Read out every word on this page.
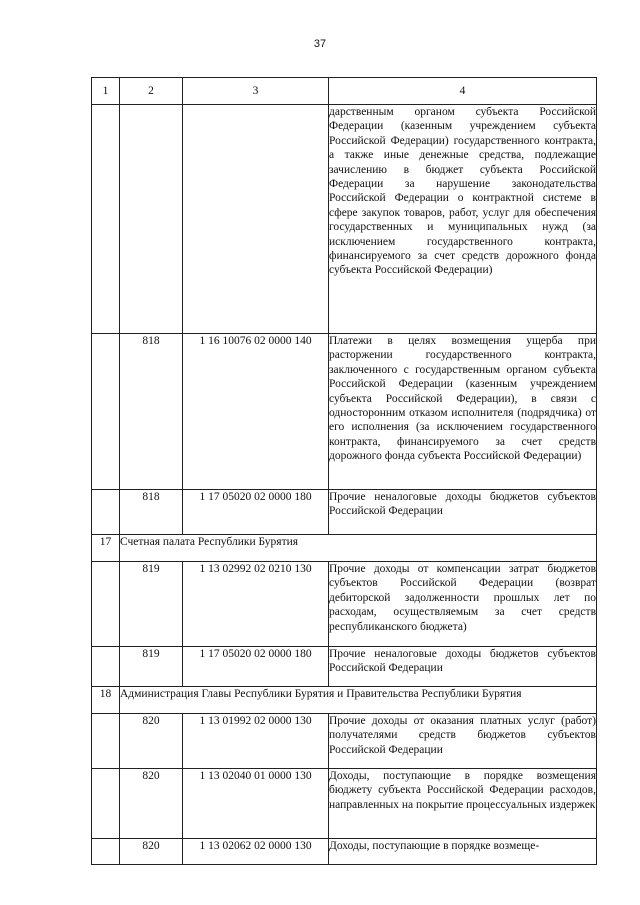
37
1	2	3	4
			дарственным органом субъекта Российской Федерации (казенным учреждением субъекта Российской Федерации) государственного контракта, а также иные денежные средства, подлежащие зачислению в бюджет субъекта Российской Федерации за нарушение законодательства Российской Федерации о контрактной системе в сфере закупок товаров, работ, услуг для обеспечения государственных и муниципальных нужд (за исключением государственного контракта, финансируемого за счет средств дорожного фонда субъекта Российской Федерации)
	818	1 16 10076 02 0000 140	Платежи в целях возмещения ущерба при расторжении государственного контракта, заключенного с государственным органом субъекта Российской Федерации (казенным учреждением субъекта Российской Федерации), в связи с односторонним отказом исполнителя (подрядчика) от его исполнения (за исключением государственного контракта, финансируемого за счет средств дорожного фонда субъекта Российской Федерации)
	818	1 17 05020 02 0000 180	Прочие неналоговые доходы бюджетов субъектов Российской Федерации
17	Счетная палата Республики Бурятия		
	819	1 13 02992 02 0210 130	Прочие доходы от компенсации затрат бюджетов субъектов Российской Федерации (возврат дебиторской задолженности прошлых лет по расходам, осуществляемым за счет средств республиканского бюджета)
	819	1 17 05020 02 0000 180	Прочие неналоговые доходы бюджетов субъектов Российской Федерации
18	Администрация Главы Республики Бурятия и Правительства Республики Бурятия		
	820	1 13 01992 02 0000 130	Прочие доходы от оказания платных услуг (работ) получателями средств бюджетов субъектов Российской Федерации
	820	1 13 02040 01 0000 130	Доходы, поступающие в порядке возмещения бюджету субъекта Российской Федерации расходов, направленных на покрытие процессуальных издержек
	820	1 13 02062 02 0000 130	Доходы, поступающие в порядке возмеще-
